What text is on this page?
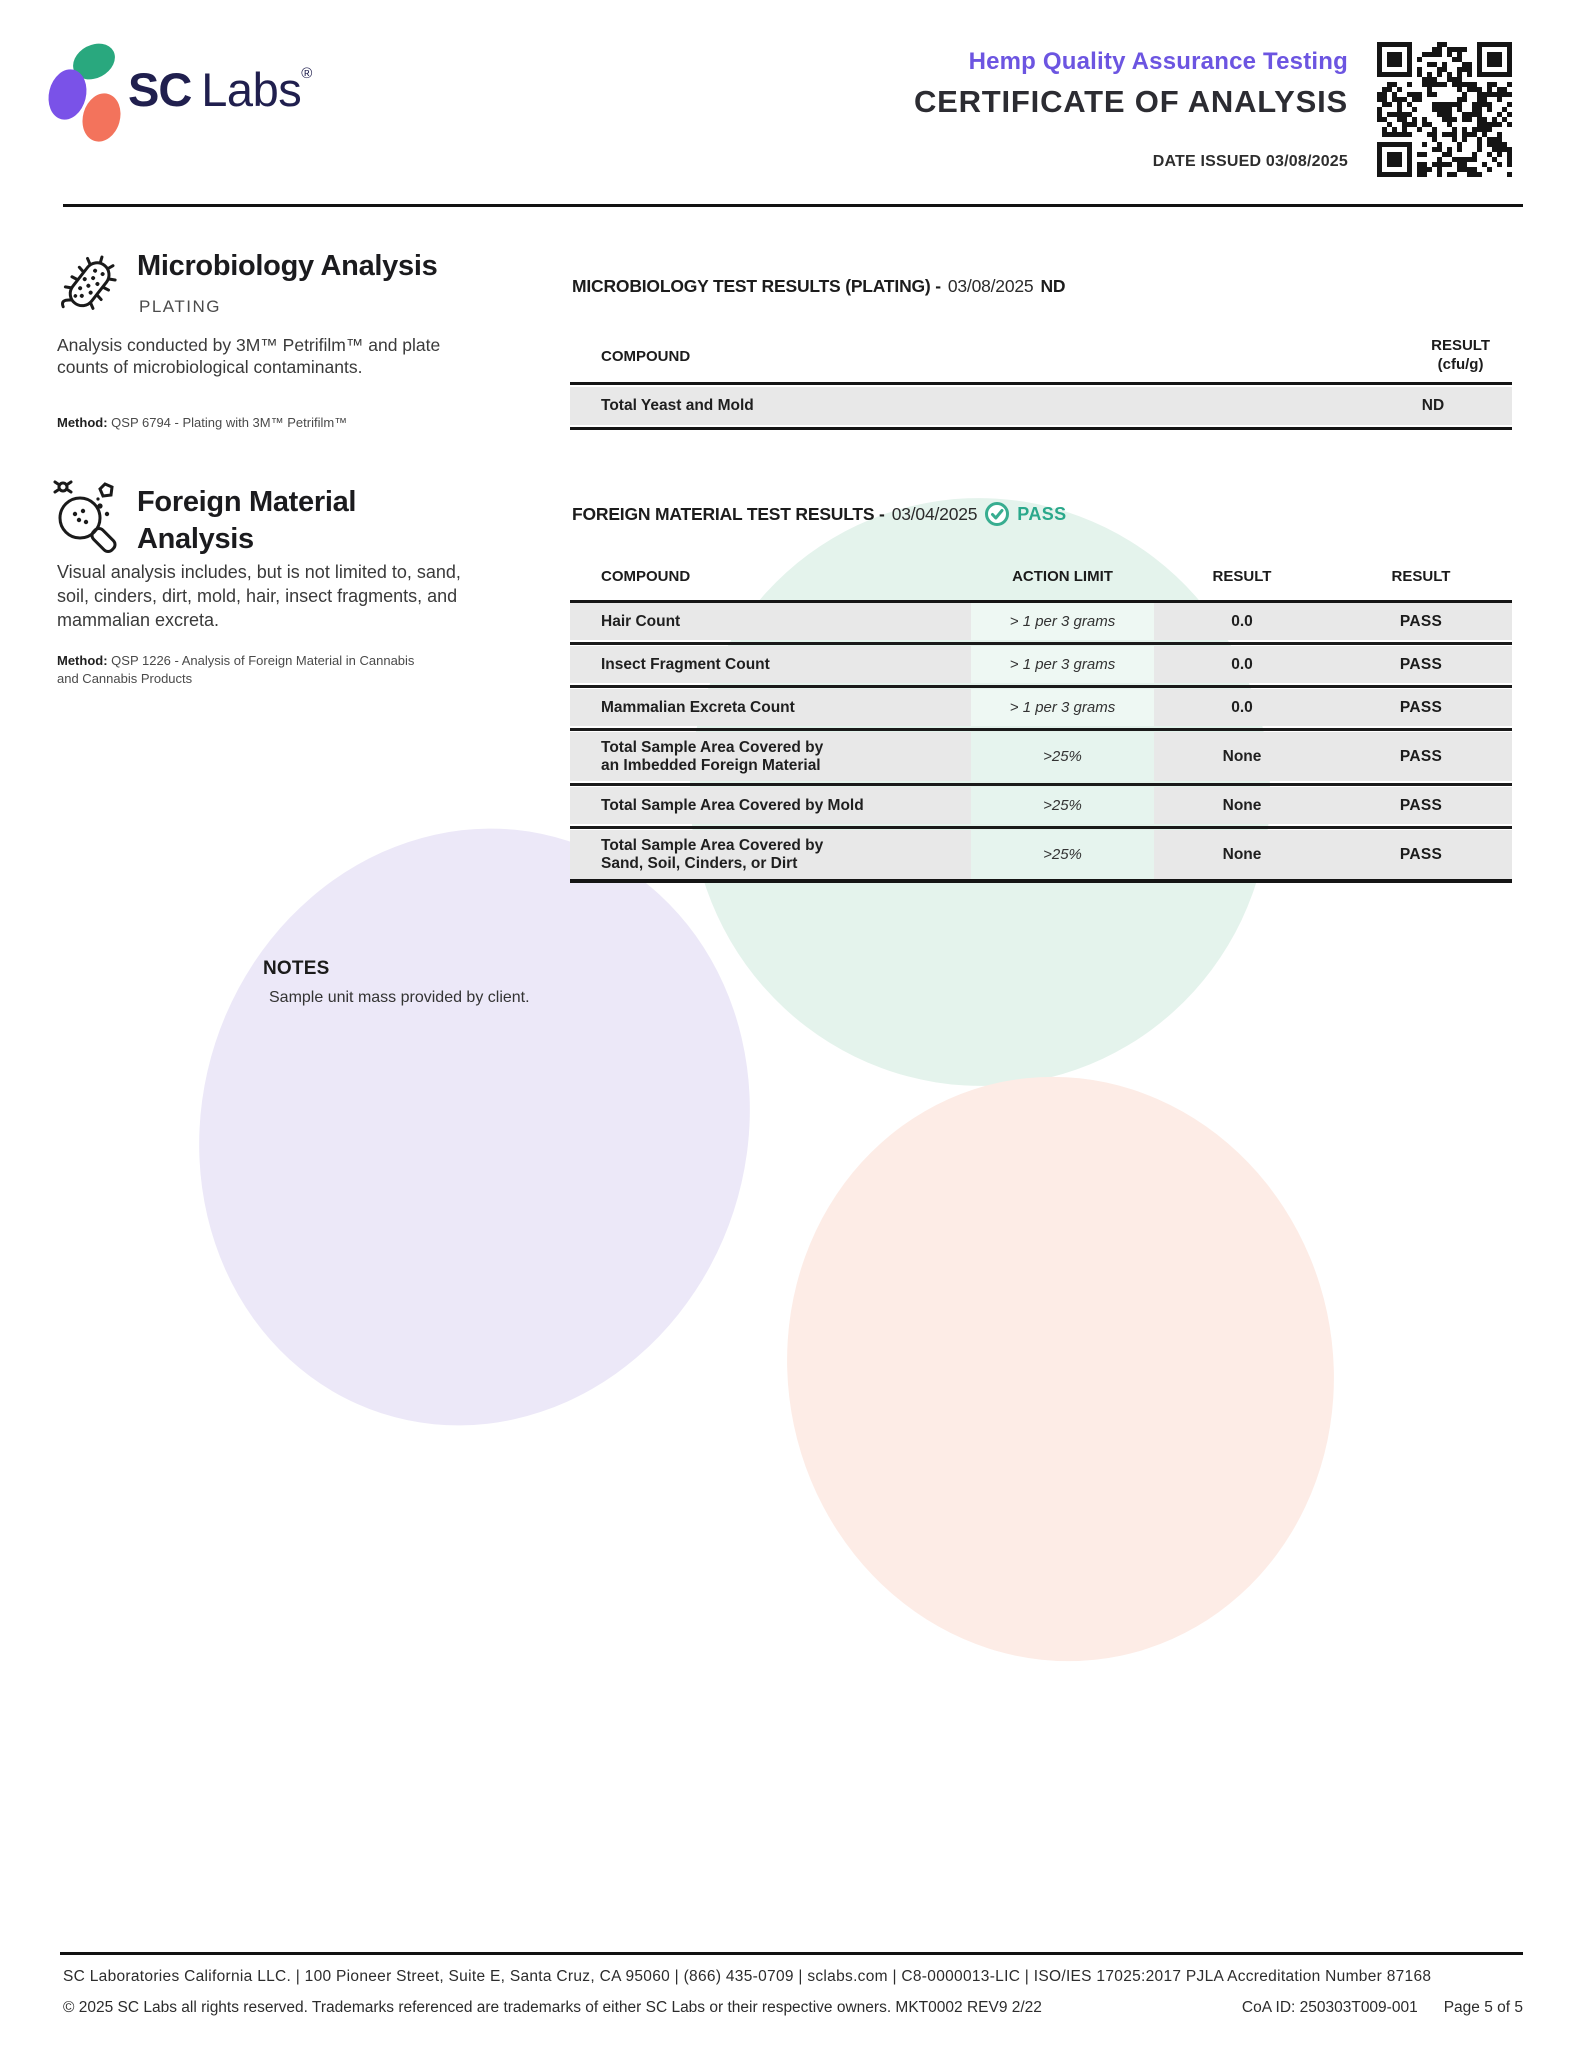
SC Labs®	Hemp Quality Assurance Testing
CERTIFICATE OF ANALYSIS
DATE ISSUED 03/08/2025
Microbiology Analysis
PLATING
Analysis conducted by 3M™ Petrifilm™ and plate counts of microbiological contaminants.
Method: QSP 6794 - Plating with 3M™ Petrifilm™
Foreign Material
Analysis
Visual analysis includes, but is not limited to, sand, soil, cinders, dirt, mold, hair, insect fragments, and mammalian excreta.
Method: QSP 1226 - Analysis of Foreign Material in Cannabis and Cannabis Products
MICROBIOLOGY TEST RESULTS (PLATING) - 03/08/2025 ND
COMPOUND
RESULT
(cfu/g)
Total Yeast and Mold	ND
FOREIGN MATERIAL TEST RESULTS - 03/04/2025 PASS
COMPOUND	ACTION LIMIT	RESULT	RESULT
Hair Count	> 1 per 3 grams	0.0	PASS
Insect Fragment Count	> 1 per 3 grams	0.0	PASS
Mammalian Excreta Count	> 1 per 3 grams	0.0	PASS
Total Sample Area Covered by
an Imbedded Foreign Material	>25%	None	PASS
Total Sample Area Covered by Mold	>25%	None	PASS
Total Sample Area Covered by
Sand, Soil, Cinders, or Dirt	>25%	None	PASS
NOTES
Sample unit mass provided by client.
SC Laboratories California LLC. | 100 Pioneer Street, Suite E, Santa Cruz, CA 95060 | (866) 435-0709 | sclabs.com | C8-0000013-LIC | ISO/IES 17025:2017 PJLA Accreditation Number 87168
© 2025 SC Labs all rights reserved. Trademarks referenced are trademarks of either SC Labs or their respective owners. MKT0002 REV9 2/22	CoA ID: 250303T009-001 Page 5 of 5
